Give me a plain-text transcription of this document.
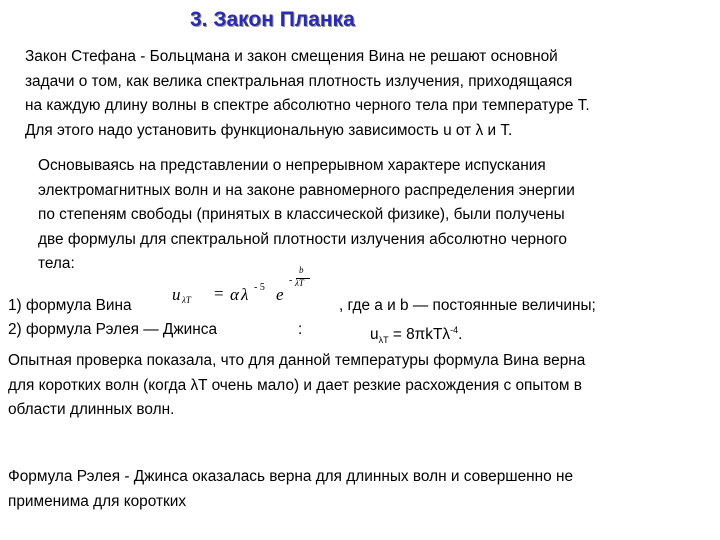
3. Закон Планка
Закон Стефана - Больцмана и закон смещения Вина не решают основной
задачи о том, как велика спектральная плотность излучения, приходящаяся
на каждую длину волны в спектре абсолютно черного тела при температуре Т.
Для этого надо установить функциональную зависимость u от λ и Т.
Основываясь на представлении о непрерывном характере испускания
электромагнитных волн и на законе равномерного распределения энергии
по степеням свободы (принятых в классической физике), были получены
две формулы для спектральной плотности излучения абсолютно черного
тела:
u λT = α λ - 5 e
-
b
λT
1) формула Вина	, где a и b — постоянные величины;
2) формула Рэлея — Джинса	:	$u_{\lambda T} = 8\pi kT\lambda^{-4}$.
Опытная проверка показала, что для данной температуры формула Вина верна
для коротких волн (когда λT очень мало) и дает резкие расхождения с опытом в
области длинных волн.
Формула Рэлея - Джинса оказалась верна для длинных волн и совершенно не
применима для коротких
